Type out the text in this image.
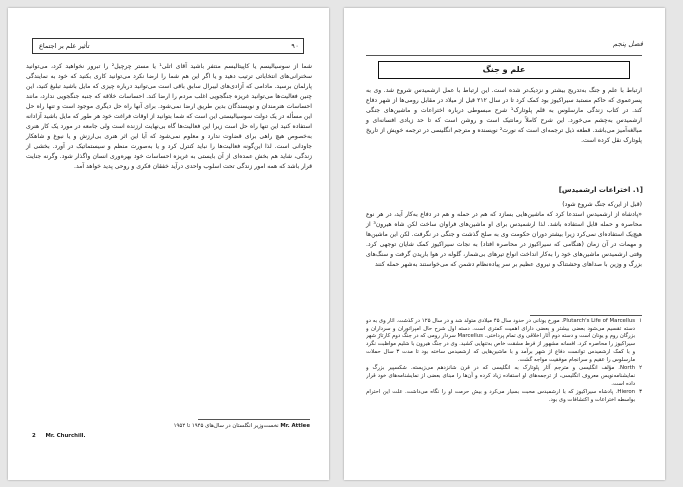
۹۰
تأثیر علم بر اجتماع

شما از سوسیالیسم یا کاپیتالیسم منتفر باشید آقای اتلی¹ یا مستر چرچیل² را تبرور نخواهید کرد، می‌توانید سخنرانی‌های انتخاباتی ترتیب دهید و یا اگر این هم شما را ارضا نکرد می‌توانید کاری بکنید که خود به نمایندگی پارلمان برسید. مادامی که آزادی‌های لیبرال سابق باقی است می‌توانید درباره چیزی که مایل باشید تبلیغ کنید، این چنین فعالیت‌ها می‌توانید غریزه جنگجویی اغلب مردم را ارضا کند. احساسات خلاقه که جنبه جنگجویی ندارد، مانند احساسات هنرمندان و نویسندگان بدین طریق ارضا نمی‌شود. برای آنها راه حل دیگری موجود است و تنها راه حل این مسأله در یک دولت سوسیالیستی این است که شما بتوانید از اوقات فراغت خود هر طور که مایل باشید آزادانه استفاده کنید این تنها راه حل است زیرا این فعالیت‌ها گاه بی‌نهایت ارزنده است ولی جامعه در مورد یک کار هنری به‌خصوص هیچ راهی برای قضاوت ندارد و معلوم نمی‌شود که آیا این اثر هنری بی‌ارزش و یا نبوغ و شاهکار جاودانی است. لذا این‌گونه فعالیت‌ها را نباید کنترل کرد و یا به‌صورت منظم و سیستماتیک در آورد. بخشی از زندگی، شاید هم بخش عمده‌ای از آن بایستی به غریزه احساسات خود بهره‌وری انسان واگذار شود. وگرنه جنایت قرار باشد که همه امور زندگی تحت اسلوب واحدی درآید خفقان فکری و روحی پدید خواهد آمد.

Mr. Attlee نخست‌وزیر انگلستان در سال‌های ۱۹۴۵ تا ۱۹۵۲
2 Mr. Churchill.
فصل پنجم
علم و جنگ

ارتباط با علم و جنگ به‌تدریج بیشتر و نزدیک‌تر شده است. این ارتباط با عمل ارشمیدس شروع شد. وی به پسرعموی که حاکم مستبد سیراکیوز بود کمک کرد تا در سال ۲۱۲ قبل از میلاد در مقابل رومی‌ها از شهر دفاع کند. در کتاب زندگی مارسلوس به قلم پلوتارک¹ شرح مبسوطی درباره اختراعات و ماشین‌های جنگی ارشمیدس به‌چشم می‌خورد. این شرح کاملاً رمانتیک است و روشن است که تا حد زیادی افسانه‌ای و مبالغه‌آمیز می‌باشد. قطعه ذیل ترجمه‌ای است که نورث² نویسنده و مترجم انگلیسی در ترجمه خویش از تاریخ پلوتارک نقل کرده است.

[۱. اختراعات ارشمیدس]

(قبل از این‌که جنگ شروع شود)

«پادشاه از ارشمیدس استدعا کرد که ماشین‌هایی بسازد که هم در حمله و هم در دفاع به‌کار آید، در هر نوع محاصره و حمله قابل استفاده باشد. لذا ارشمیدس برای او ماشین‌های فراوان ساخت لکن شاه هیرون³ از هیچ‌یک استفاده‌ای نمی‌کرد زیرا بیشتر دوران حکومت وی به صلح گذشت و جنگی در نگرفت. لکن این ماشین‌ها و مهمات در آن زمان (هنگامی که سیراکیوز در محاصره افتاد) به نجات سیراکیوز کمک شایان توجهی کرد. وقتی ارشمیدس ماشین‌های خود را به‌کار انداخت انواع تیرهای بی‌شمار، گلوله در هوا باریدن گرفت و سنگ‌های بزرگ و وزین با صداهای وحشتناک و نیروی عظیم بر سر پیاده‌نظام دشمن که می‌خواستند به‌شهر حمله کنند

۱
Plutarch's Life of Marcellus. مورخ یونانی در حدود سال ۴۵ میلادی متولد شد و در سال ۱۲۵ در گذشت. آثار وی به دو دسته تقسیم می‌شود بعضی بیشتر و بعضی دارای اهمیت کمتری است. دسته اول شرح حال امپراتوران و سرداران و بزرگان روم و یونان است و دسته دوم آثار اخلاقی وی تمام پرداختی. Marcellus سردار رومی که در جنگ دوم کارتاژ شهر سیراکیوز را محاصره کرد. افسانه مشهور از فرط مشقت خاص به‌تنهایی کشید. وی در جنگ هیرون با شلیم مواظبت نگرد و با کمک ارشمیدس توانست دفاع از شهر برآمد و با ماشین‌هایی که ارشمیدس ساخته بود تا مدت ۳ سال حملات مارسلوس را عقیم و سرانجام موفقیت مواجه گشت.
۲
North. مؤلف انگلیسی و مترجم آثار پلوتارک به انگلیسی که در قرن شانزدهم می‌زیسته. شکسپیر بزرگ و نمایشنامه‌نویس معروف انگلیسی، از ترجمه‌های او استفاده زیاد کرده و آن‌ها را مبنای بعضی از نمایشنامه‌های خود قرار داده است.
۳
Hieron. پادشاه سیراکیوز که با ارشمیدس محبت بسیار می‌کرد و بیش حرمت او را نگاه می‌داشت. علت این احترام بواسطه اختراعات و اکتشافات وی بود.
